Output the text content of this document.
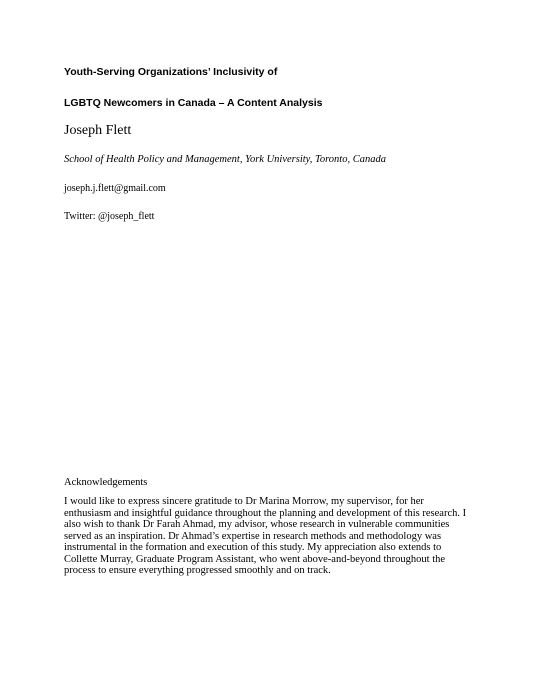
Youth-Serving Organizations’ Inclusivity of
LGBTQ Newcomers in Canada – A Content Analysis
Joseph Flett
School of Health Policy and Management, York University, Toronto, Canada
joseph.j.flett@gmail.com
Twitter: @joseph_flett
Acknowledgements
I would like to express sincere gratitude to Dr Marina Morrow, my supervisor, for her
enthusiasm and insightful guidance throughout the planning and development of this research. I
also wish to thank Dr Farah Ahmad, my advisor, whose research in vulnerable communities
served as an inspiration. Dr Ahmad’s expertise in research methods and methodology was
instrumental in the formation and execution of this study. My appreciation also extends to
Collette Murray, Graduate Program Assistant, who went above-and-beyond throughout the
process to ensure everything progressed smoothly and on track.
